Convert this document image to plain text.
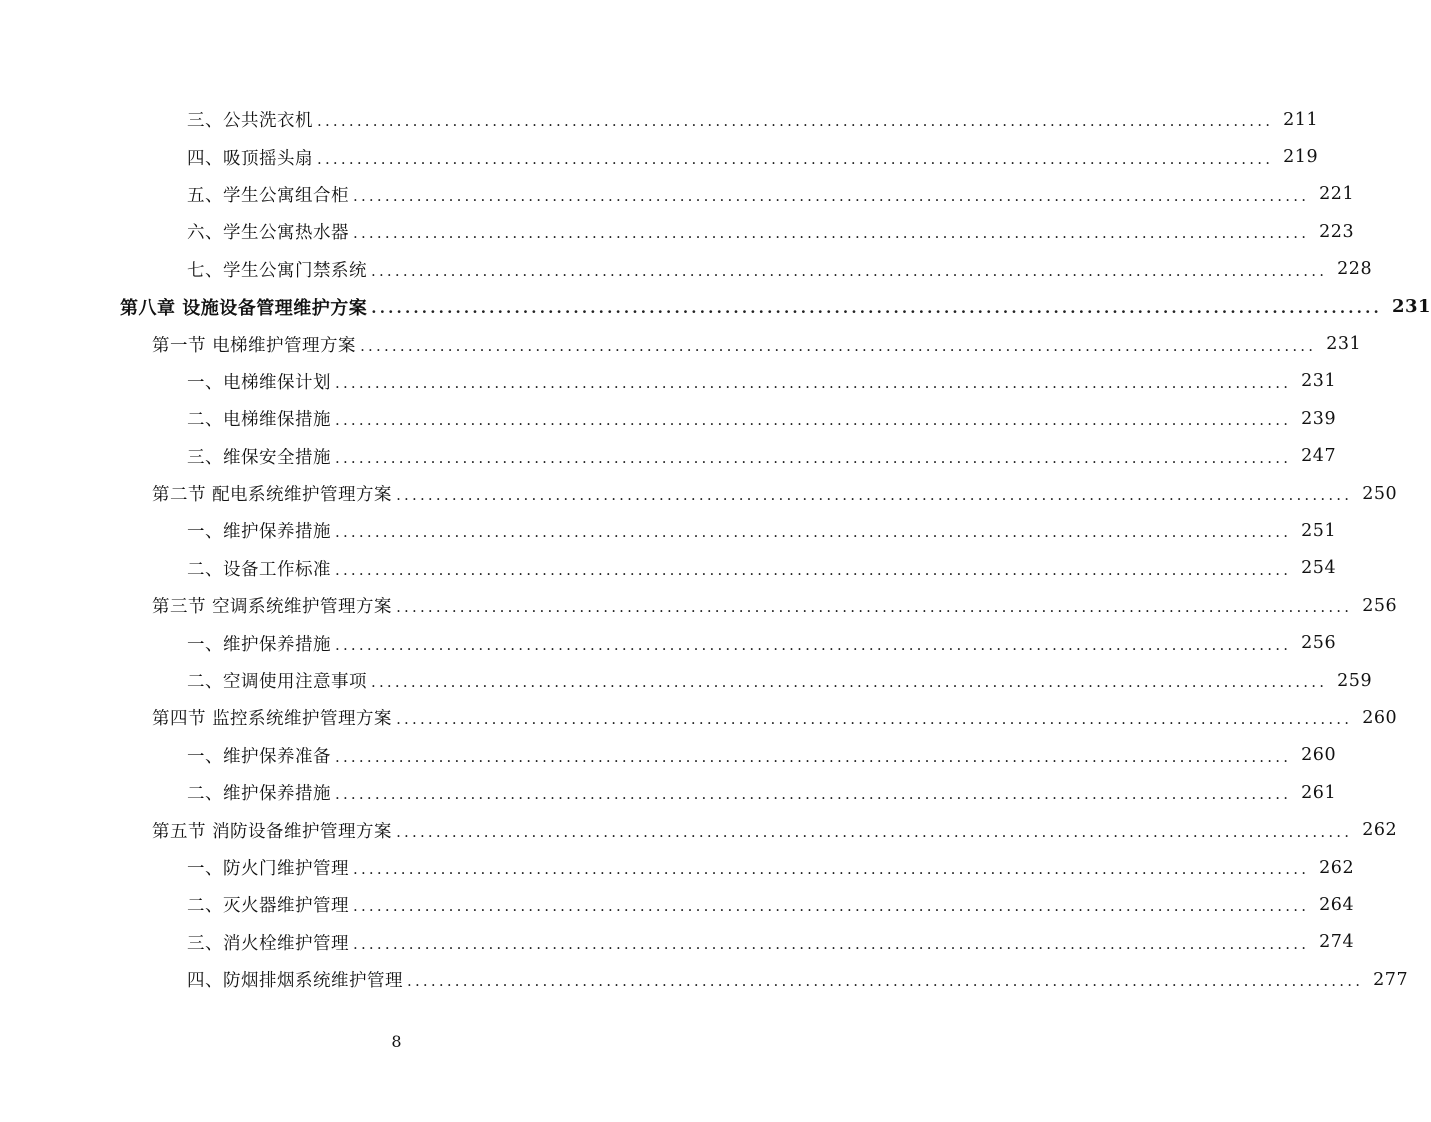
三、公共洗衣机 ........................................................................................................................ 211
四、吸顶摇头扇 ........................................................................................................................ 219
五、学生公寓组合柜 ........................................................................................................................ 221
六、学生公寓热水器 ........................................................................................................................ 223
七、学生公寓门禁系统 ........................................................................................................................ 228
第八章 设施设备管理维护方案 ........................................................................................................................ 231
第一节 电梯维护管理方案 ........................................................................................................................ 231
一、电梯维保计划 ........................................................................................................................ 231
二、电梯维保措施 ........................................................................................................................ 239
三、维保安全措施 ........................................................................................................................ 247
第二节 配电系统维护管理方案 ........................................................................................................................ 250
一、维护保养措施 ........................................................................................................................ 251
二、设备工作标准 ........................................................................................................................ 254
第三节 空调系统维护管理方案 ........................................................................................................................ 256
一、维护保养措施 ........................................................................................................................ 256
二、空调使用注意事项 ........................................................................................................................ 259
第四节 监控系统维护管理方案 ........................................................................................................................ 260
一、维护保养准备 ........................................................................................................................ 260
二、维护保养措施 ........................................................................................................................ 261
第五节 消防设备维护管理方案 ........................................................................................................................ 262
一、防火门维护管理 ........................................................................................................................ 262
二、灭火器维护管理 ........................................................................................................................ 264
三、消火栓维护管理 ........................................................................................................................ 274
四、防烟排烟系统维护管理 ........................................................................................................................ 277
8
